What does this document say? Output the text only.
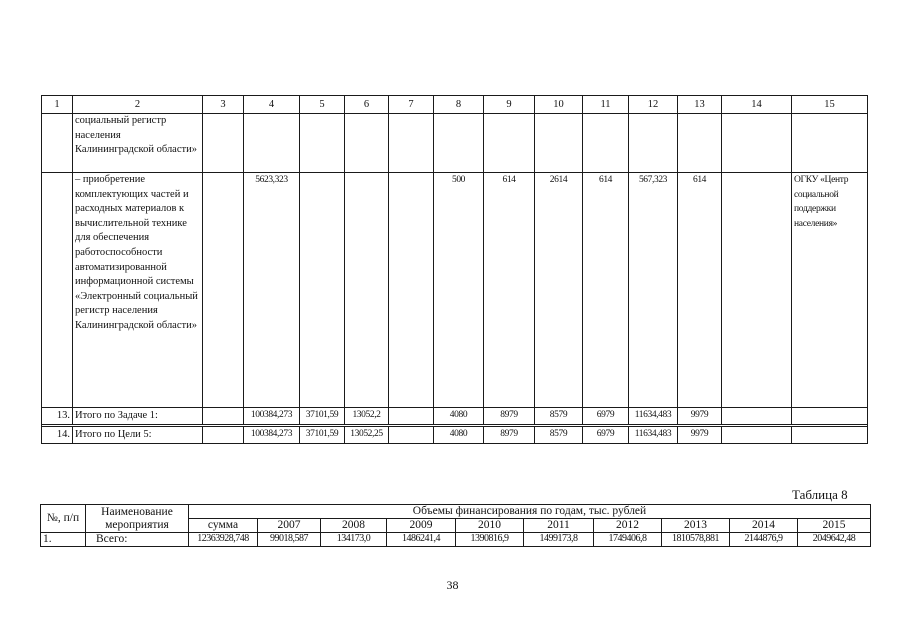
1	2	3	4	5	6	7	8	9	10	11	12	13	14	15
	социальный регистр населения Калининградской области»													
	– приобретение комплектующих частей и расходных материалов к вычислительной технике для обеспечения работоспособности автоматизированной информационной системы «Электронный социальный регистр населения Калининградской области»		5623,323				500	614	2614	614	567,323	614		ОГКУ «Центр социальной поддержки населения»
13.	Итого по Задаче 1:		100384,273	37101,59	13052,2		4080	8979	8579	6979	11634,483	9979		

14.	Итого по Цели 5:		100384,273	37101,59	13052,25		4080	8979	8579	6979	11634,483	9979		
Таблица 8
№, п/п	Наименование мероприятия	Объемы финансирования по годам, тыс. рублей									
		сумма	2007	2008	2009	2010	2011	2012	2013	2014	2015
1.	Всего:	12363928,748	99018,587	134173,0	1486241,4	1390816,9	1499173,8	1749406,8	1810578,881	2144876,9	2049642,48
38
